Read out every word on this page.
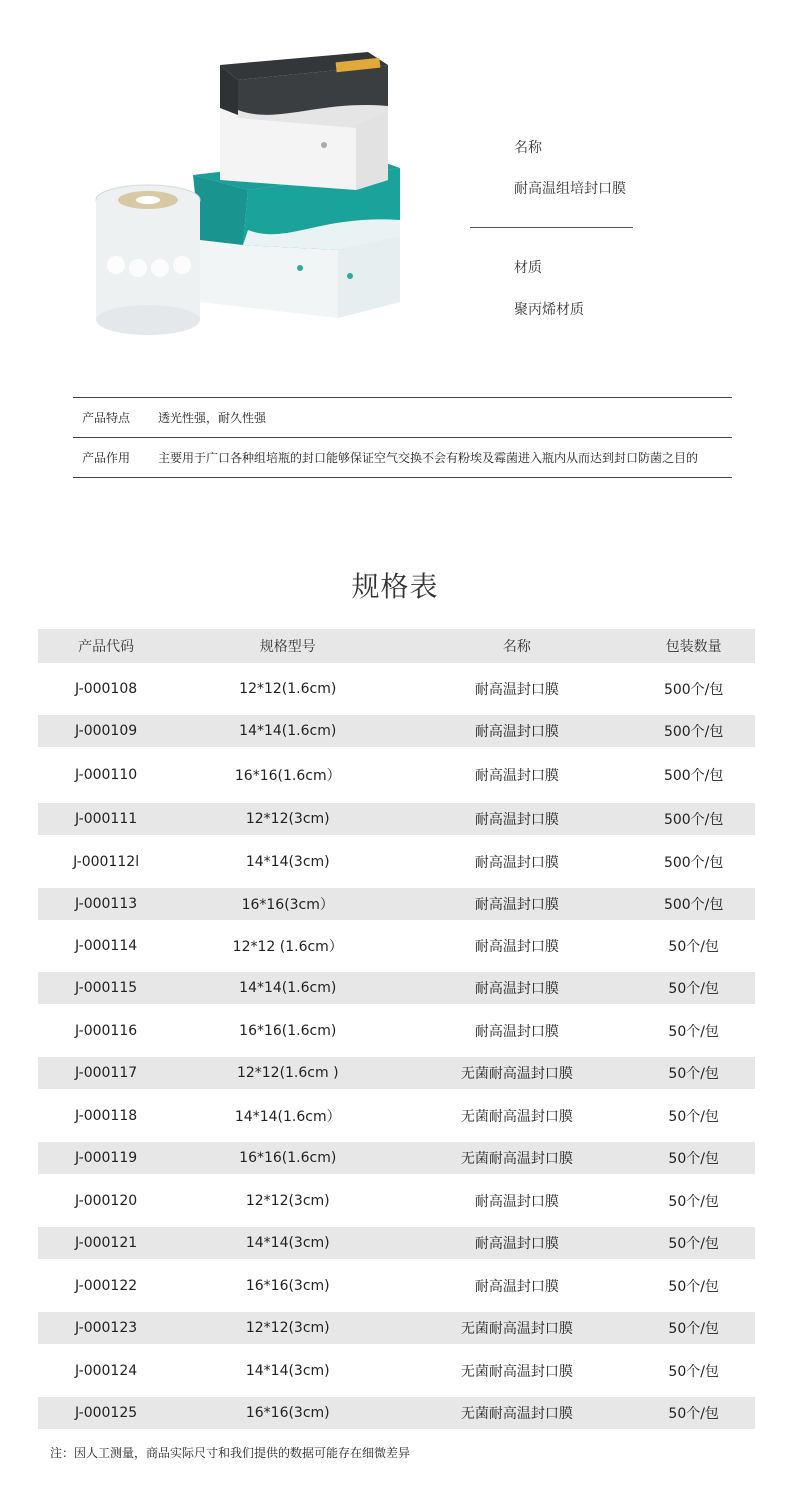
名称
耐高温组培封口膜
材质
聚丙烯材质
产品特点	透光性强，耐久性强
产品作用	主要用于广口各种组培瓶的封口能够保证空气交换不会有粉埃及霉菌进入瓶内从而达到封口防菌之目的
规格表
产品代码	规格型号	名称	包装数量
J-000108	12*12(1.6cm)	耐高温封口膜	500个/包
J-000109	14*14(1.6cm)	耐高温封口膜	500个/包
J-000110	16*16(1.6cm）	耐高温封口膜	500个/包
J-000111	12*12(3cm)	耐高温封口膜	500个/包
J-000112l	14*14(3cm)	耐高温封口膜	500个/包
J-000113	16*16(3cm）	耐高温封口膜	500个/包
J-000114	12*12 (1.6cm）	耐高温封口膜	50个/包
J-000115	14*14(1.6cm)	耐高温封口膜	50个/包
J-000116	16*16(1.6cm)	耐高温封口膜	50个/包
J-000117	12*12(1.6cm )	无菌耐高温封口膜	50个/包
J-000118	14*14(1.6cm）	无菌耐高温封口膜	50个/包
J-000119	16*16(1.6cm)	无菌耐高温封口膜	50个/包
J-000120	12*12(3cm)	耐高温封口膜	50个/包
J-000121	14*14(3cm)	耐高温封口膜	50个/包
J-000122	16*16(3cm)	耐高温封口膜	50个/包
J-000123	12*12(3cm)	无菌耐高温封口膜	50个/包
J-000124	14*14(3cm)	无菌耐高温封口膜	50个/包
J-000125	16*16(3cm)	无菌耐高温封口膜	50个/包
注：因人工测量，商品实际尺寸和我们提供的数据可能存在细微差异
